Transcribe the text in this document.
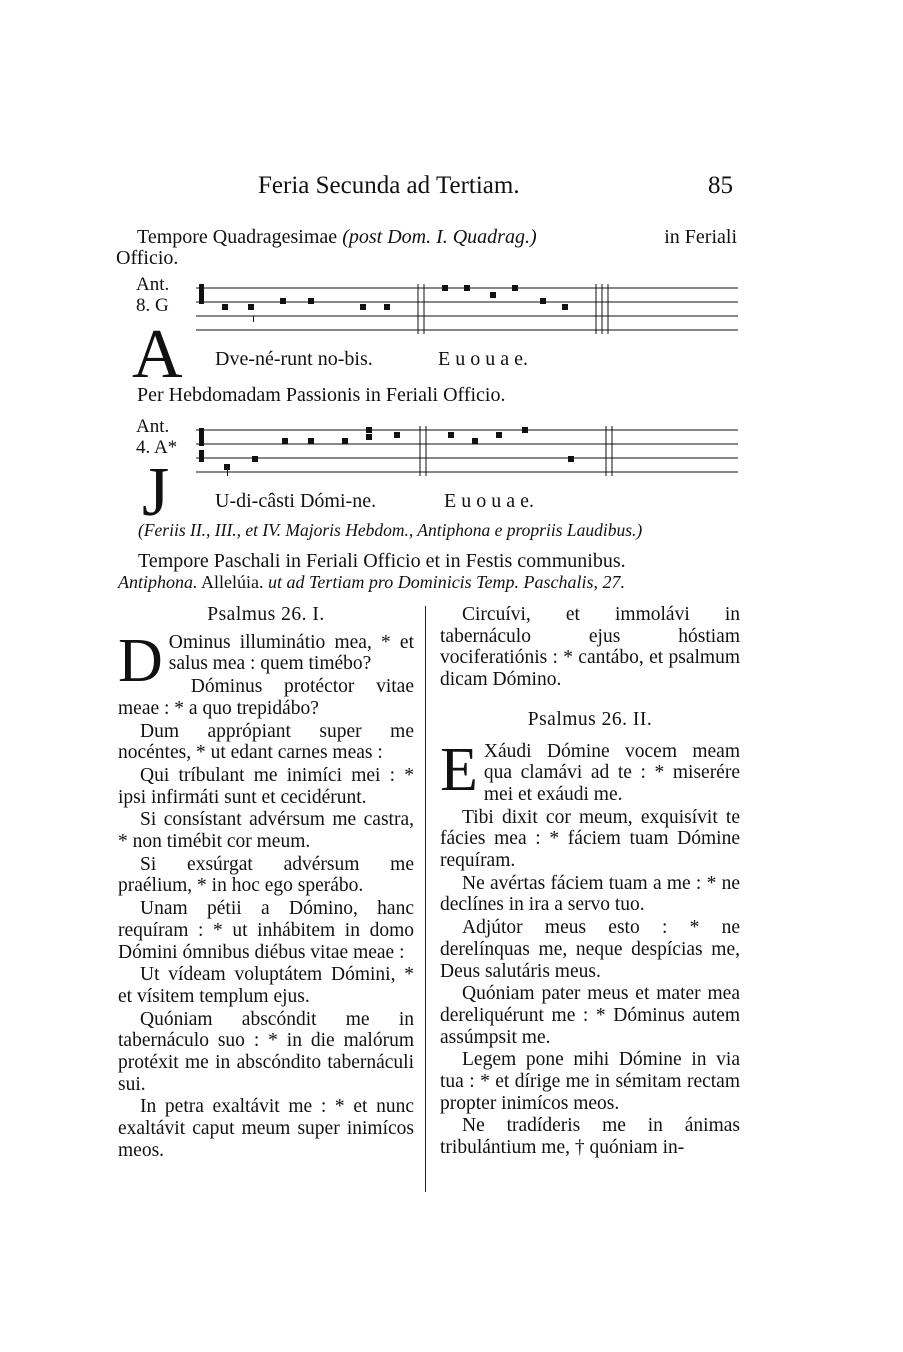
Feria Secunda ad Tertiam.	85
Tempore Quadragesimae (post Dom. I. Quadrag.)	in Feriali
Officio.
Ant.
8. G
A Dve-né-runt no-bis.	E u o u a e.
Per Hebdomadam Passionis in Feriali Officio.
Ant.
4. A*
J U-di-câsti Dómi-ne.	E u o u a e.
(Feriis II., III., et IV. Majoris Hebdom., Antiphona e propriis Laudibus.)
Tempore Paschali in Feriali Officio et in Festis communibus.
Antiphona. Allelúia. ut ad Tertiam pro Dominicis Temp. Paschalis, 27.
Psalmus 26. I.

D Ominus illuminátio mea, * et salus mea : quem timébo?

Dóminus protéctor vitae meae : * a quo trepidábo?

Dum apprópiant super me nocéntes, * ut edant carnes meas :

Qui tríbulant me inimíci mei : * ipsi infirmáti sunt et cecidérunt.

Si consístant advérsum me castra, * non timébit cor meum.

Si exsúrgat advérsum me praélium, * in hoc ego sperábo.

Unam pétii a Dómino, hanc requíram : * ut inhábitem in domo Dómini ómnibus diébus vitae meae :

Ut vídeam voluptátem Dómini, * et vísitem templum ejus.

Quóniam abscóndit me in tabernáculo suo : * in die malórum protéxit me in abscóndito tabernáculi sui.

In petra exaltávit me : * et nunc exaltávit caput meum super inimícos meos.

Circuívi, et immolávi in tabernáculo ejus hóstiam vociferatiónis : * cantábo, et psalmum dicam Dómino.

Psalmus 26. II.

E Xáudi Dómine vocem meam qua clamávi ad te : * miserére mei et exáudi me.

Tibi dixit cor meum, exquisívit te fácies mea : * fáciem tuam Dómine requíram.

Ne avértas fáciem tuam a me : * ne declínes in ira a servo tuo.

Adjútor meus esto : * ne derelínquas me, neque despícias me, Deus salutáris meus.

Quóniam pater meus et mater mea dereliquérunt me : * Dóminus autem assúmpsit me.

Legem pone mihi Dómine in via tua : * et dírige me in sémitam rectam propter inimícos meos.

Ne tradíderis me in ánimas tribulántium me, † quóniam in-
